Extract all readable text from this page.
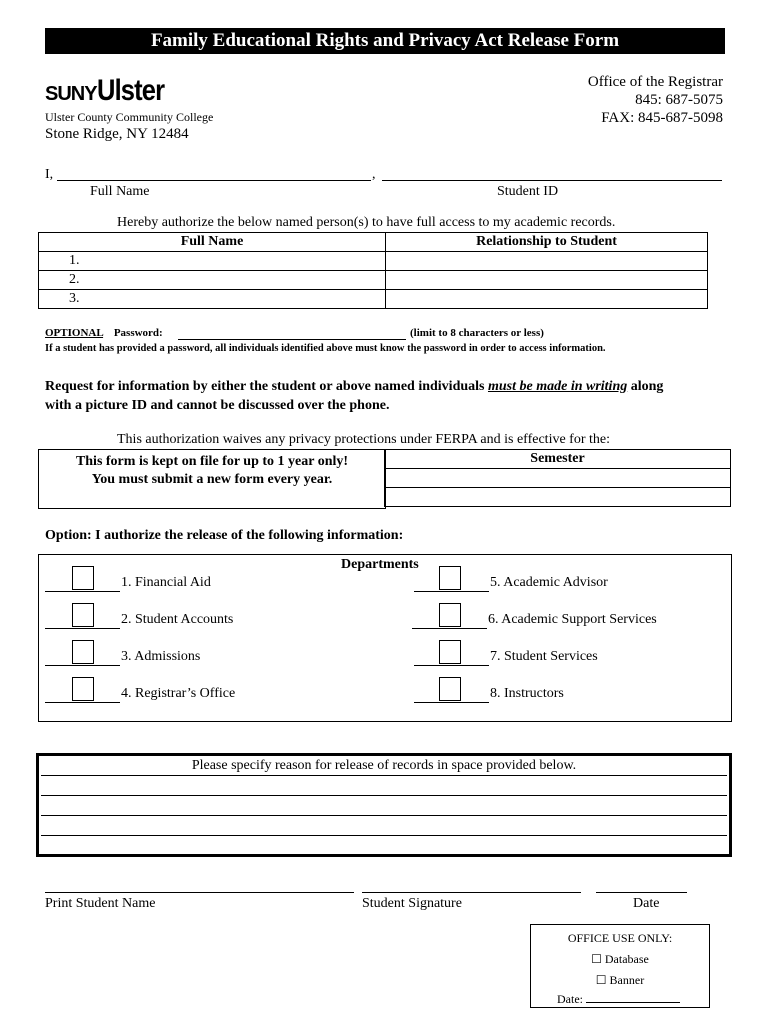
Family Educational Rights and Privacy Act Release Form
SUNYUlster
Ulster County Community College
Stone Ridge, NY 12484
Office of the Registrar
845: 687-5075
FAX: 845-687-5098
I,	,
Full Name	Student ID
Hereby authorize the below named person(s) to have full access to my academic records.
Full Name	Relationship to Student
1.	
2.	
3.	
OPTIONAL Password:	(limit to 8 characters or less)
If a student has provided a password, all individuals identified above must know the password in order to access information.
Request for information by either the student or above named individuals must be made in writing along
with a picture ID and cannot be discussed over the phone.
This authorization waives any privacy protections under FERPA and is effective for the:
This form is kept on file for up to 1 year only!
You must submit a new form every year.
Semester

Option: I authorize the release of the following information:
Departments
1. Financial Aid
2. Student Accounts
3. Admissions
4. Registrar’s Office
5. Academic Advisor
6. Academic Support Services
7. Student Services
8. Instructors
Please specify reason for release of records in space provided below.
Print Student Name	Student Signature	Date
OFFICE USE ONLY:
☐ Database
☐ Banner
Date:
